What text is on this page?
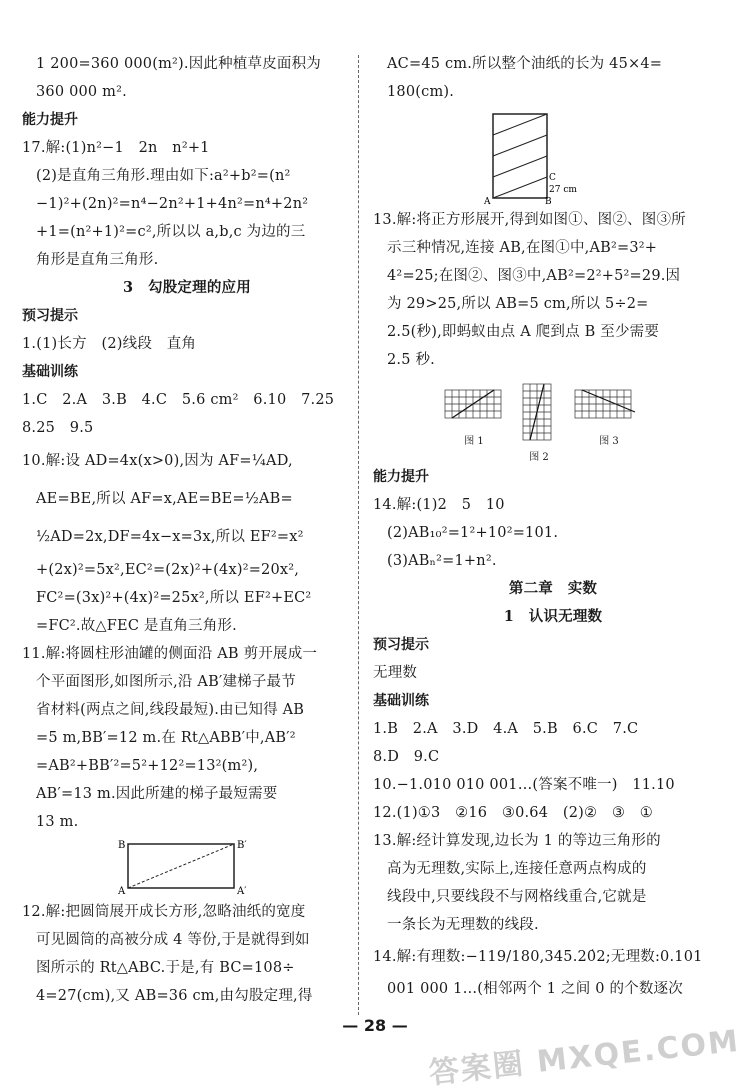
1 200=360 000(m²).因此种植草皮面积为
360 000 m².
能力提升
17.解:(1)n²−1　2n　n²+1
(2)是直角三角形.理由如下:a²+b²=(n²
−1)²+(2n)²=n⁴−2n²+1+4n²=n⁴+2n²
+1=(n²+1)²=c²,所以以 a,b,c 为边的三
角形是直角三角形.
3　勾股定理的应用
预习提示
1.(1)长方　(2)线段　直角
基础训练
1.C　2.A　3.B　4.C　5.6 cm²　6.10　7.25
8.25　9.5
10.解:设 AD=4x(x>0),因为 AF=¼AD,
AE=BE,所以 AF=x,AE=BE=½AB=
½AD=2x,DF=4x−x=3x,所以 EF²=x²
+(2x)²=5x²,EC²=(2x)²+(4x)²=20x²,
FC²=(3x)²+(4x)²=25x²,所以 EF²+EC²
=FC².故△FEC 是直角三角形.
11.解:将圆柱形油罐的侧面沿 AB 剪开展成一
个平面图形,如图所示,沿 AB′建梯子最节
省材料(两点之间,线段最短).由已知得 AB
=5 m,BB′=12 m.在 Rt△ABB′中,AB′²
=AB²+BB′²=5²+12²=13²(m²),
AB′=13 m.因此所建的梯子最短需要
13 m.
B	B′
A	A′
12.解:把圆筒展开成长方形,忽略油纸的宽度
可见圆筒的高被分成 4 等份,于是就得到如
图所示的 Rt△ABC.于是,有 BC=108÷
4=27(cm),又 AB=36 cm,由勾股定理,得
AC=45 cm.所以整个油纸的长为 45×4=
180(cm).
C
27 cm
A	B
13.解:将正方形展开,得到如图①、图②、图③所
示三种情况,连接 AB,在图①中,AB²=3²+
4²=25;在图②、图③中,AB²=2²+5²=29.因
为 29>25,所以 AB=5 cm,所以 5÷2=
2.5(秒),即蚂蚁由点 A 爬到点 B 至少需要
2.5 秒.
图 1
图 2
图 3
能力提升
14.解:(1)2　5　10
(2)AB₁₀²=1²+10²=101.
(3)ABₙ²=1+n².
第二章　实数
1　认识无理数
预习提示
无理数
基础训练
1.B　2.A　3.D　4.A　5.B　6.C　7.C
8.D　9.C
10.−1.010 010 001…(答案不唯一)　11.10
12.(1)①3　②16　③0.64　(2)②　③　①
13.解:经计算发现,边长为 1 的等边三角形的
高为无理数,实际上,连接任意两点构成的
线段中,只要线段不与网格线重合,它就是
一条长为无理数的线段.
14.解:有理数:−119/180,345.20̇2;无理数:0.101
001 000 1…(相邻两个 1 之间 0 的个数逐次
— 28 — 答案圈 MXQE.COM
